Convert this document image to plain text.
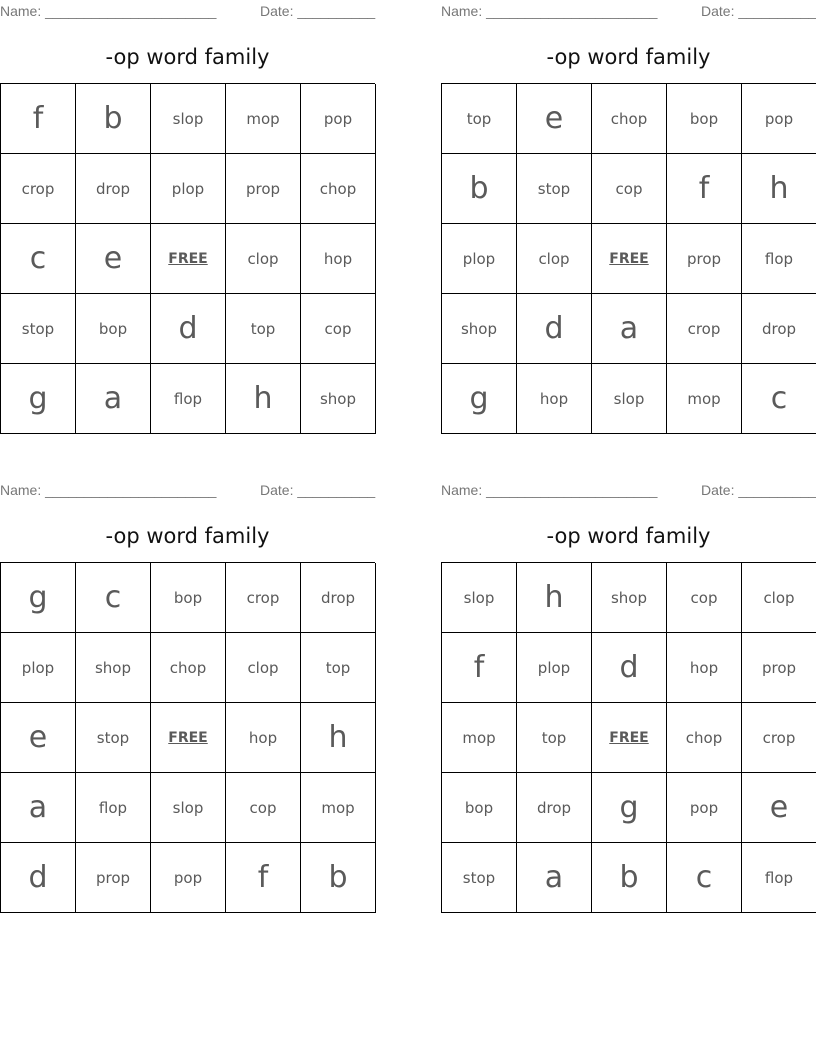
Name: ______________________	Date: __________
-op word family
f	b	slop	mop	pop
crop	drop	plop	prop	chop
c	e	FREE	clop	hop
stop	bop	d	top	cop
g	a	flop	h	shop
Name: ______________________	Date: __________
-op word family
top	e	chop	bop	pop
b	stop	cop	f	h
plop	clop	FREE	prop	flop
shop	d	a	crop	drop
g	hop	slop	mop	c
Name: ______________________	Date: __________
-op word family
g	c	bop	crop	drop
plop	shop	chop	clop	top
e	stop	FREE	hop	h
a	flop	slop	cop	mop
d	prop	pop	f	b
Name: ______________________	Date: __________
-op word family
slop	h	shop	cop	clop
f	plop	d	hop	prop
mop	top	FREE	chop	crop
bop	drop	g	pop	e
stop	a	b	c	flop
